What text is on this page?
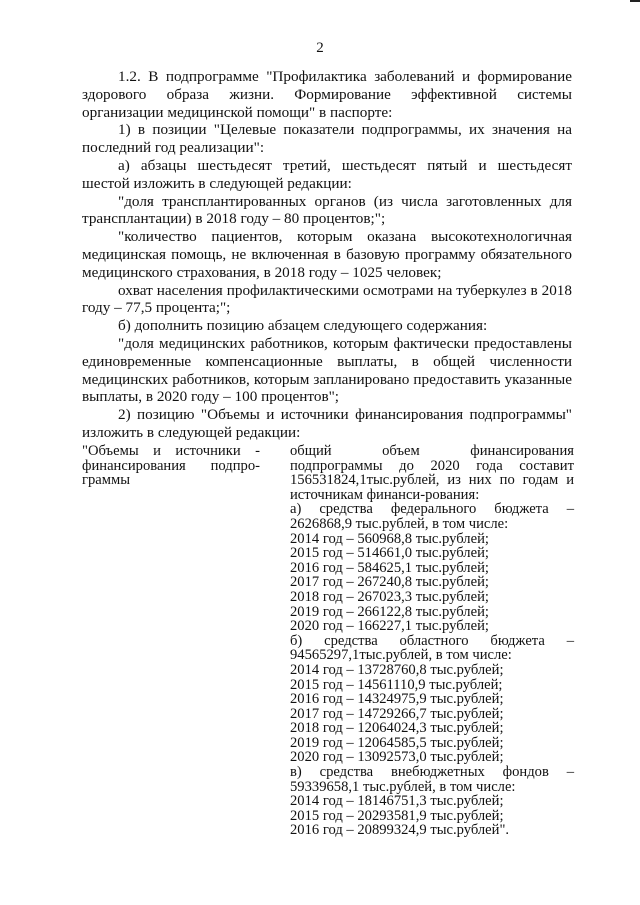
2

1.2. В подпрограмме "Профилактика заболеваний и формирование здорового образа жизни. Формирование эффективной системы организации медицинской помощи" в паспорте:

1) в позиции "Целевые показатели подпрограммы, их значения на последний год реализации":

а) абзацы шестьдесят третий, шестьдесят пятый и шестьдесят шестой изложить в следующей редакции:

"доля трансплантированных органов (из числа заготовленных для трансплантации) в 2018 году – 80 процентов;";

"количество пациентов, которым оказана высокотехнологичная медицинская помощь, не включенная в базовую программу обязательного медицинского страхования, в 2018 году – 1025 человек;

охват населения профилактическими осмотрами на туберкулез в 2018 году – 77,5 процента;";

б) дополнить позицию абзацем следующего содержания:

"доля медицинских работников, которым фактически предоставлены единовременные компенсационные выплаты, в общей численности медицинских работников, которым запланировано предоставить указанные выплаты, в 2020 году – 100 процентов";

2) позицию "Объемы и источники финансирования подпрограммы" изложить в следующей редакции:

"Объемы и источники - финансирования подпро-граммы

общий объем финансирования подпрограммы до 2020 года составит 156531824,1тыс.рублей, из них по годам и источникам финанси-рования:

а) средства федерального бюджета – 2626868,9 тыс.рублей, в том числе:

2014 год – 560968,8 тыс.рублей;

2015 год – 514661,0 тыс.рублей;

2016 год – 584625,1 тыс.рублей;

2017 год – 267240,8 тыс.рублей;

2018 год – 267023,3 тыс.рублей;

2019 год – 266122,8 тыс.рублей;

2020 год – 166227,1 тыс.рублей;

б) средства областного бюджета – 94565297,1тыс.рублей, в том числе:

2014 год – 13728760,8 тыс.рублей;

2015 год – 14561110,9 тыс.рублей;

2016 год – 14324975,9 тыс.рублей;

2017 год – 14729266,7 тыс.рублей;

2018 год – 12064024,3 тыс.рублей;

2019 год – 12064585,5 тыс.рублей;

2020 год – 13092573,0 тыс.рублей;

в) средства внебюджетных фондов – 59339658,1 тыс.рублей, в том числе:

2014 год – 18146751,3 тыс.рублей;

2015 год – 20293581,9 тыс.рублей;

2016 год – 20899324,9 тыс.рублей".
